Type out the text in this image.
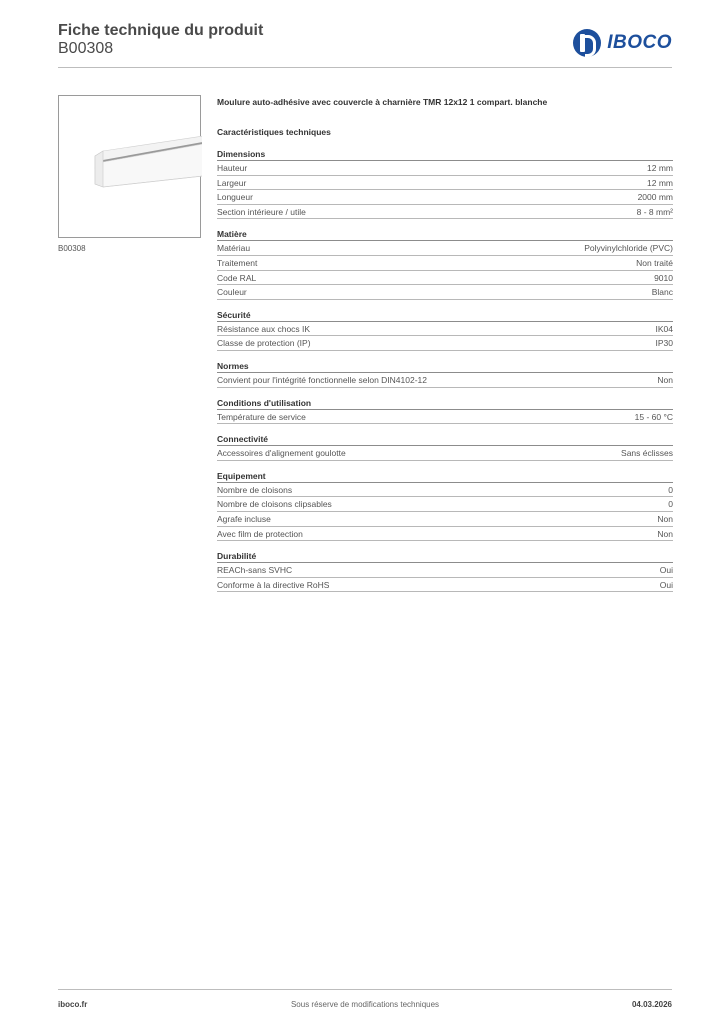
Fiche technique du produit
B00308	IBOCO
B00308
Moulure auto-adhésive avec couvercle à charnière TMR 12x12 1 compart. blanche
Caractéristiques techniques
Dimensions
Hauteur	12 mm
Largeur	12 mm
Longueur	2000 mm
Section intérieure / utile	8 - 8 mm²
Matière
Matériau	Polyvinylchloride (PVC)
Traitement	Non traité
Code RAL	9010
Couleur	Blanc
Sécurité
Résistance aux chocs IK	IK04
Classe de protection (IP)	IP30
Normes
Convient pour l'intégrité fonctionnelle selon DIN4102-12	Non
Conditions d'utilisation
Température de service	15 - 60 °C
Connectivité
Accessoires d'alignement goulotte	Sans éclisses
Equipement
Nombre de cloisons	0
Nombre de cloisons clipsables	0
Agrafe incluse	Non
Avec film de protection	Non
Durabilité
REACh-sans SVHC	Oui
Conforme à la directive RoHS	Oui
iboco.fr	Sous réserve de modifications techniques	04.03.2026
